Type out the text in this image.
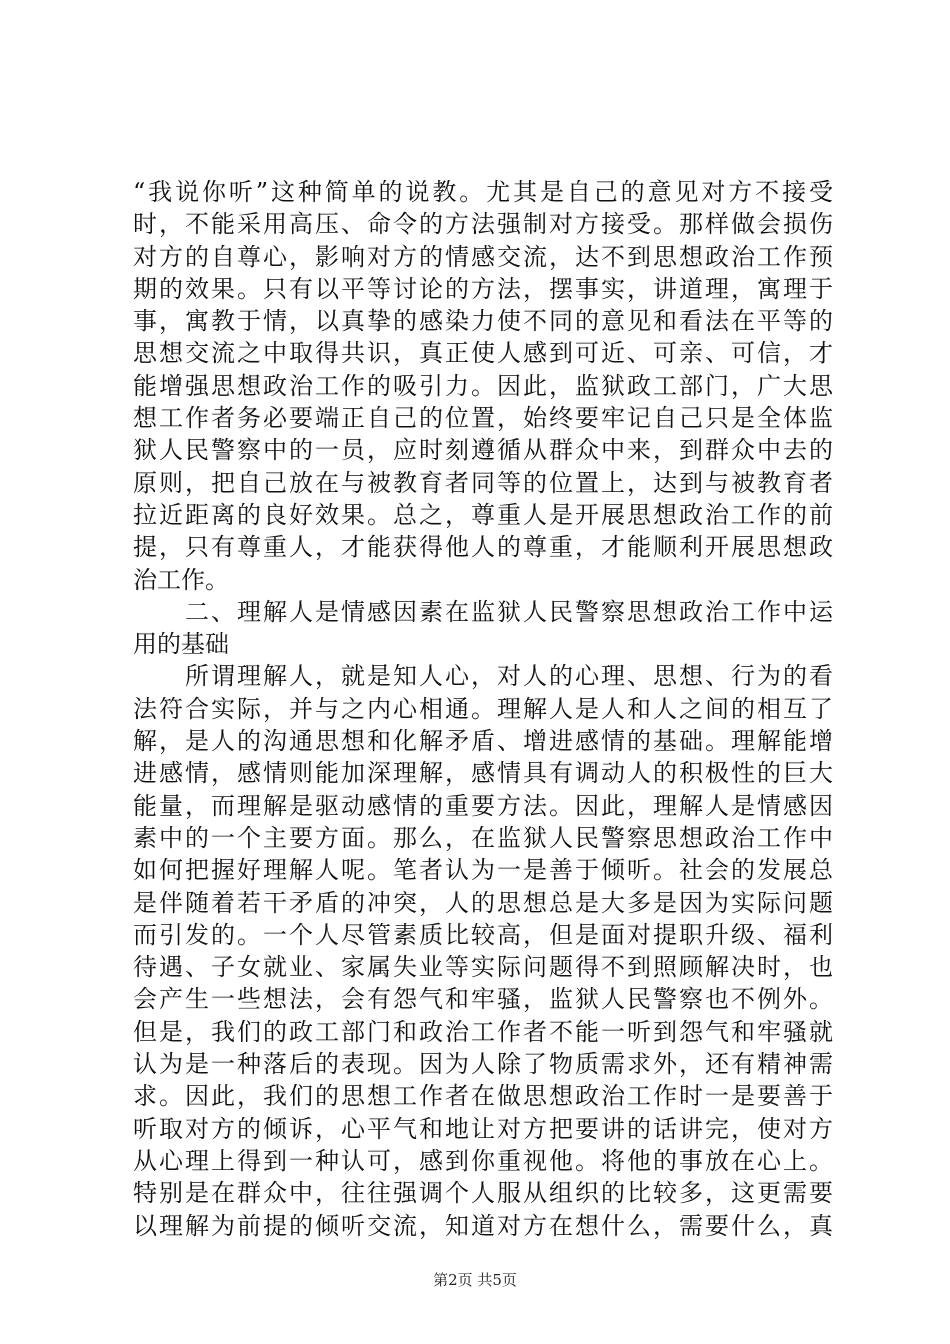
“我说你听”这种简单的说教。尤其是自己的意见对方不接受
时，不能采用高压、命令的方法强制对方接受。那样做会损伤
对方的自尊心，影响对方的情感交流，达不到思想政治工作预
期的效果。只有以平等讨论的方法，摆事实，讲道理，寓理于
事，寓教于情，以真挚的感染力使不同的意见和看法在平等的
思想交流之中取得共识，真正使人感到可近、可亲、可信，才
能增强思想政治工作的吸引力。因此，监狱政工部门，广大思
想工作者务必要端正自己的位置，始终要牢记自己只是全体监
狱人民警察中的一员，应时刻遵循从群众中来，到群众中去的
原则，把自己放在与被教育者同等的位置上，达到与被教育者
拉近距离的良好效果。总之，尊重人是开展思想政治工作的前
提，只有尊重人，才能获得他人的尊重，才能顺利开展思想政
治工作。
　　二、理解人是情感因素在监狱人民警察思想政治工作中运
用的基础
　　所谓理解人，就是知人心，对人的心理、思想、行为的看
法符合实际，并与之内心相通。理解人是人和人之间的相互了
解，是人的沟通思想和化解矛盾、增进感情的基础。理解能增
进感情，感情则能加深理解，感情具有调动人的积极性的巨大
能量，而理解是驱动感情的重要方法。因此，理解人是情感因
素中的一个主要方面。那么，在监狱人民警察思想政治工作中
如何把握好理解人呢。笔者认为一是善于倾听。社会的发展总
是伴随着若干矛盾的冲突，人的思想总是大多是因为实际问题
而引发的。一个人尽管素质比较高，但是面对提职升级、福利
待遇、子女就业、家属失业等实际问题得不到照顾解决时，也
会产生一些想法，会有怨气和牢骚，监狱人民警察也不例外。
但是，我们的政工部门和政治工作者不能一听到怨气和牢骚就
认为是一种落后的表现。因为人除了物质需求外，还有精神需
求。因此，我们的思想工作者在做思想政治工作时一是要善于
听取对方的倾诉，心平气和地让对方把要讲的话讲完，使对方
从心理上得到一种认可，感到你重视他。将他的事放在心上。
特别是在群众中，往往强调个人服从组织的比较多，这更需要
以理解为前提的倾听交流，知道对方在想什么，需要什么，真
第2页 共5页
